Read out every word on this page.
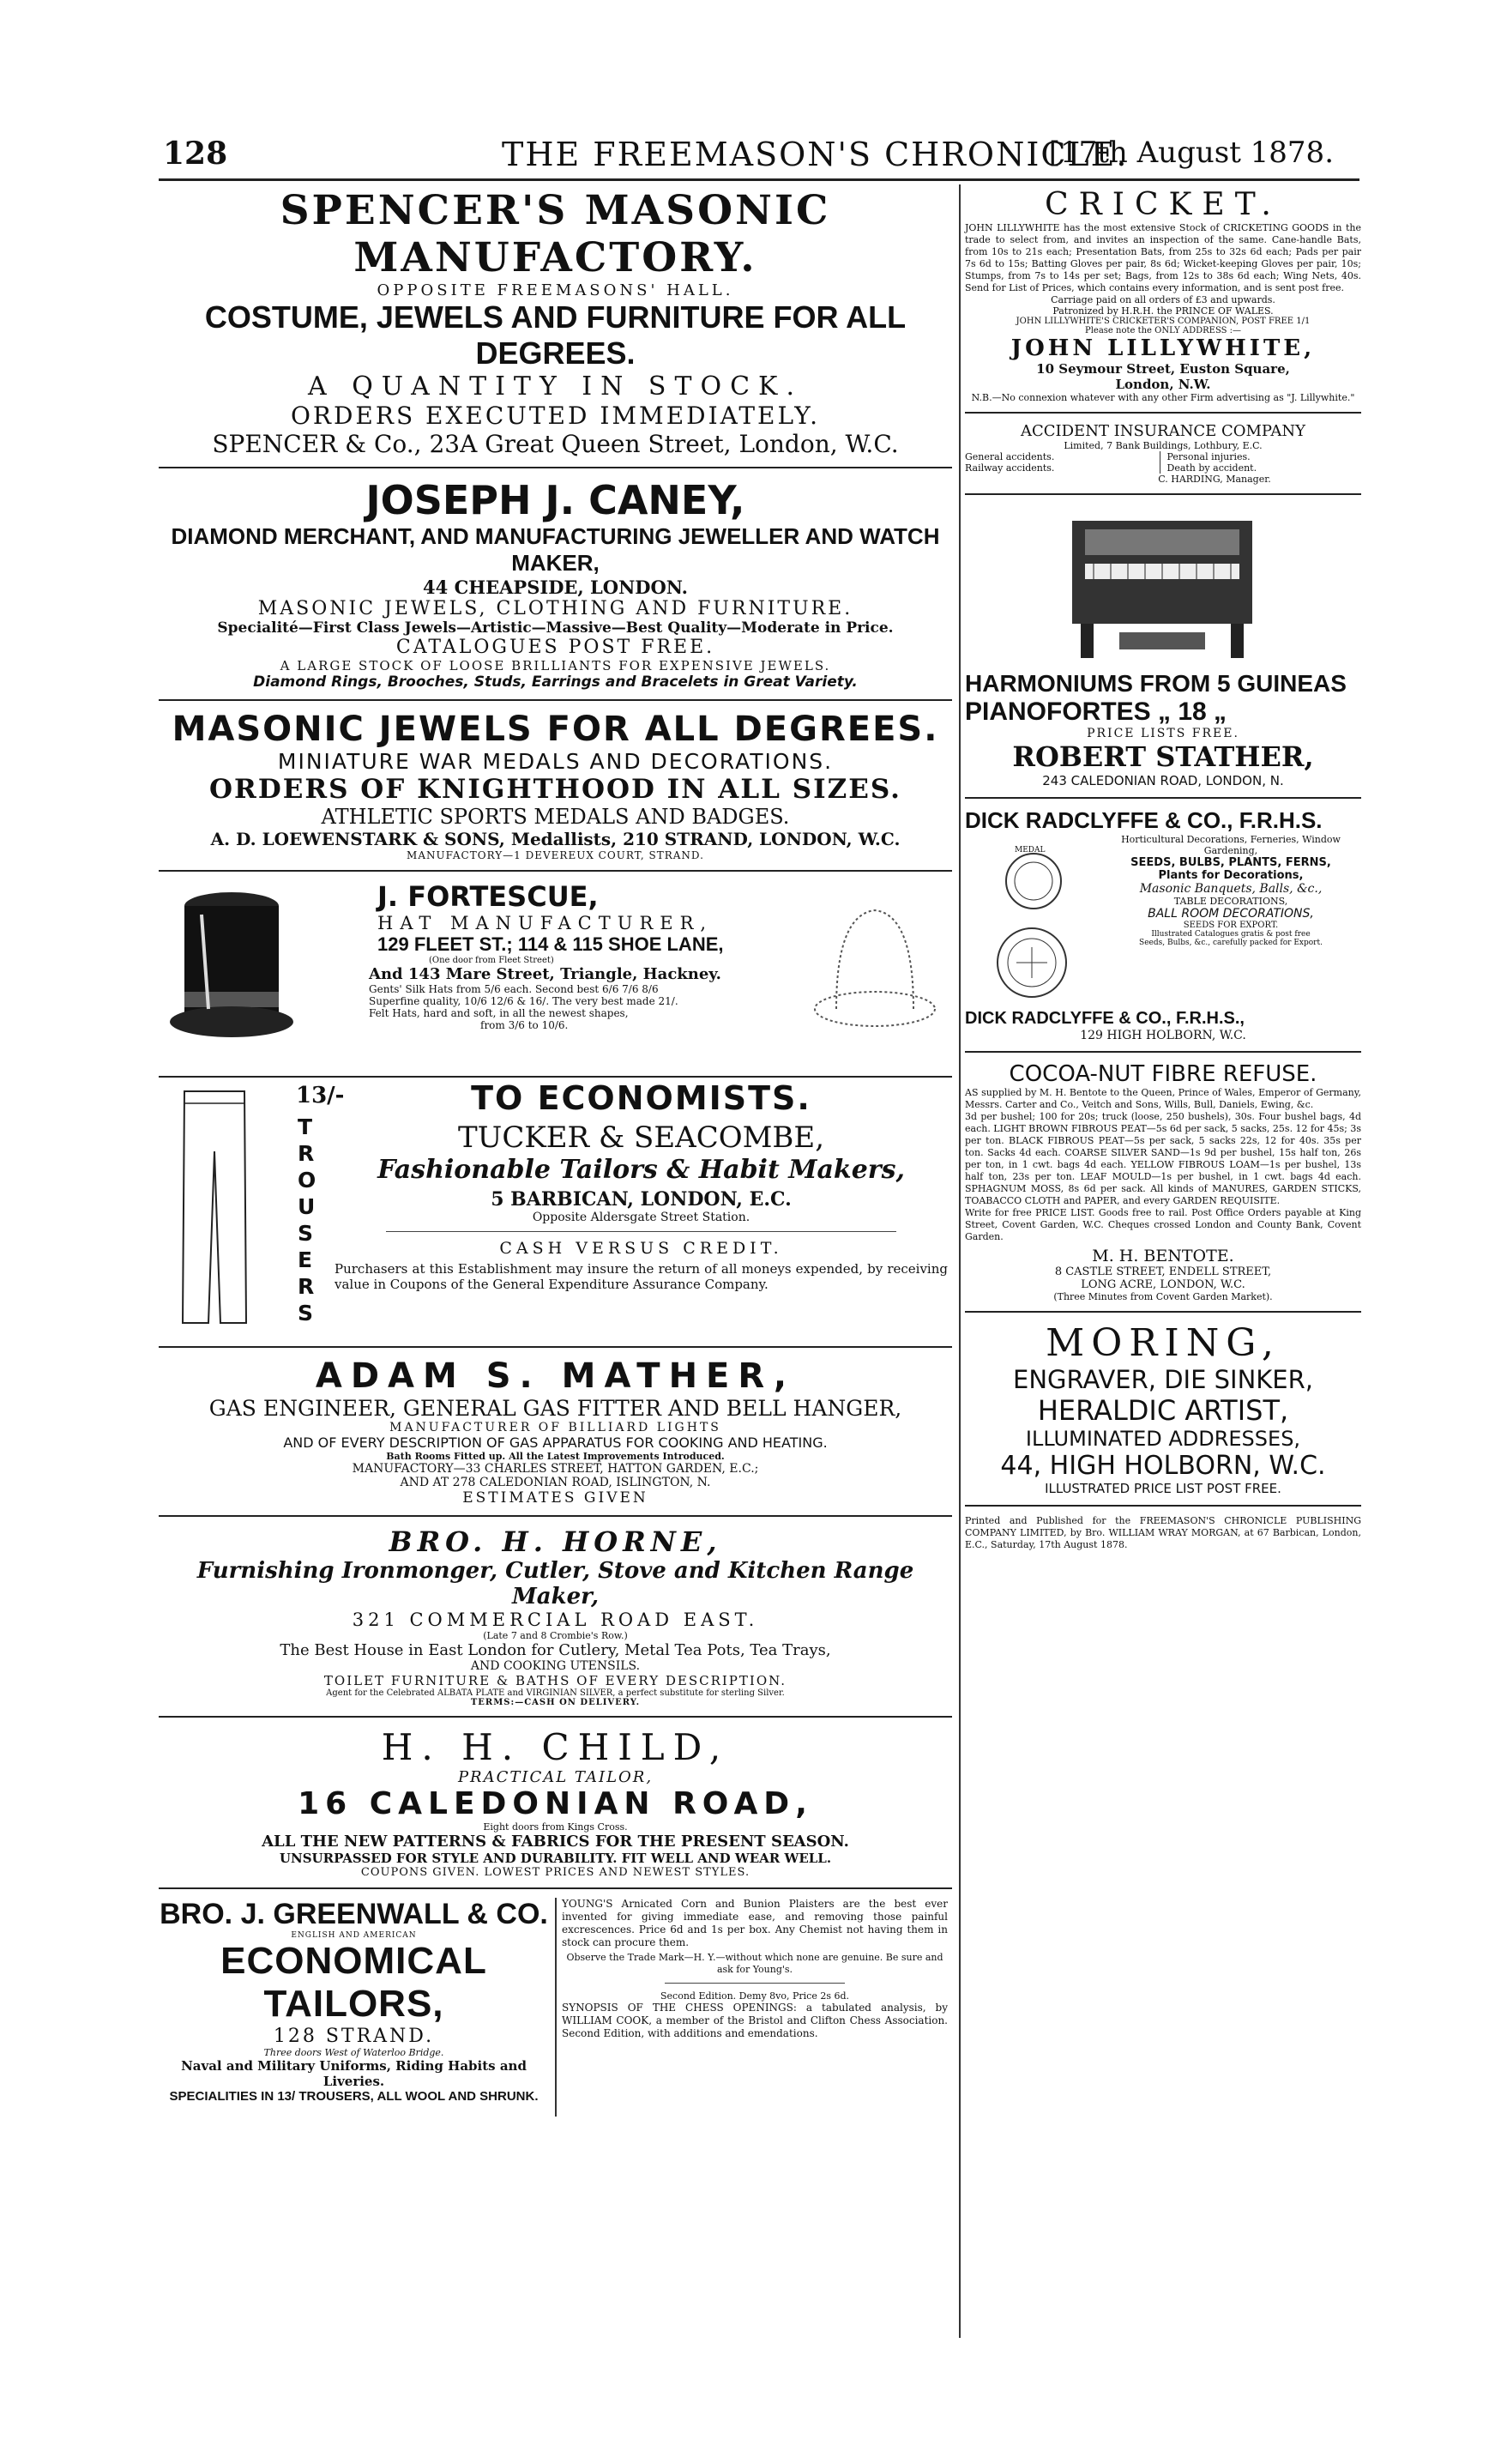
128	THE FREEMASON'S CHRONICLE.
[17th August 1878.

SPENCER'S MASONIC MANUFACTORY.

OPPOSITE FREEMASONS' HALL.

COSTUME, JEWELS AND FURNITURE FOR ALL DEGREES.

A QUANTITY IN STOCK.

ORDERS EXECUTED IMMEDIATELY.

SPENCER & Co., 23A Great Queen Street, London, W.C.

JOSEPH J. CANEY,

DIAMOND MERCHANT, AND MANUFACTURING JEWELLER AND WATCH MAKER,

44 CHEAPSIDE, LONDON.

MASONIC JEWELS, CLOTHING AND FURNITURE.

Specialité—First Class Jewels—Artistic—Massive—Best Quality—Moderate in Price.

CATALOGUES POST FREE.

A LARGE STOCK OF LOOSE BRILLIANTS FOR EXPENSIVE JEWELS.

Diamond Rings, Brooches, Studs, Earrings and Bracelets in Great Variety.

MASONIC JEWELS FOR ALL DEGREES.

MINIATURE WAR MEDALS AND DECORATIONS.

ORDERS OF KNIGHTHOOD IN ALL SIZES.

ATHLETIC SPORTS MEDALS AND BADGES.

A. D. LOEWENSTARK & SONS, Medallists, 210 STRAND, LONDON, W.C.

MANUFACTORY—1 DEVEREUX COURT, STRAND.

J. FORTESCUE,

HAT MANUFACTURER,

129 FLEET ST.; 114 & 115 SHOE LANE,

(One door from Fleet Street)

And 143 Mare Street, Triangle, Hackney.

Gents' Silk Hats from 5/6 each. Second best 6/6 7/6 8/6

Superfine quality, 10/6 12/6 & 16/. The very best made 21/.

Felt Hats, hard and soft, in all the newest shapes,

from 3/6 to 10/6.

13/-

T

R

O

U

S

E

R

S

TO ECONOMISTS.

TUCKER & SEACOMBE,

Fashionable Tailors & Habit Makers,

5 BARBICAN, LONDON, E.C.

Opposite Aldersgate Street Station.

CASH VERSUS CREDIT.

Purchasers at this Establishment may insure the return of all moneys expended, by receiving value in Coupons of the General Expenditure Assurance Company.

ADAM S. MATHER,

GAS ENGINEER, GENERAL GAS FITTER AND BELL HANGER,

MANUFACTURER OF BILLIARD LIGHTS

AND OF EVERY DESCRIPTION OF GAS APPARATUS FOR COOKING AND HEATING.

Bath Rooms Fitted up. All the Latest Improvements Introduced.

MANUFACTORY—33 CHARLES STREET, HATTON GARDEN, E.C.;

AND AT 278 CALEDONIAN ROAD, ISLINGTON, N.

ESTIMATES GIVEN

BRO. H. HORNE,

Furnishing Ironmonger, Cutler, Stove and Kitchen Range Maker,

321 COMMERCIAL ROAD EAST.

(Late 7 and 8 Crombie's Row.)

The Best House in East London for Cutlery, Metal Tea Pots, Tea Trays,

AND COOKING UTENSILS.

TOILET FURNITURE & BATHS OF EVERY DESCRIPTION.

Agent for the Celebrated ALBATA PLATE and VIRGINIAN SILVER, a perfect substitute for sterling Silver.

TERMS:—CASH ON DELIVERY.

H. H. CHILD,

PRACTICAL TAILOR,

16 CALEDONIAN ROAD,

Eight doors from Kings Cross.

ALL THE NEW PATTERNS & FABRICS FOR THE PRESENT SEASON.

UNSURPASSED FOR STYLE AND DURABILITY. FIT WELL AND WEAR WELL.

COUPONS GIVEN. LOWEST PRICES AND NEWEST STYLES.

BRO. J. GREENWALL & CO.

ENGLISH AND AMERICAN

ECONOMICAL TAILORS,

128 STRAND.

Three doors West of Waterloo Bridge.

Naval and Military Uniforms, Riding Habits and Liveries.

SPECIALITIES IN 13/ TROUSERS, ALL WOOL AND SHRUNK.

YOUNG'S Arnicated Corn and Bunion Plaisters are the best ever invented for giving immediate ease, and removing those painful excrescences. Price 6d and 1s per box. Any Chemist not having them in stock can procure them.

Observe the Trade Mark—H. Y.—without which none are genuine. Be sure and ask for Young's.

Second Edition. Demy 8vo, Price 2s 6d.

SYNOPSIS OF THE CHESS OPENINGS: a tabulated analysis, by WILLIAM COOK, a member of the Bristol and Clifton Chess Association. Second Edition, with additions and emendations.

CRICKET.

JOHN LILLYWHITE has the most extensive Stock of CRICKETING GOODS in the trade to select from, and invites an inspection of the same. Cane-handle Bats, from 10s to 21s each; Presentation Bats, from 25s to 32s 6d each; Pads per pair 7s 6d to 15s; Batting Gloves per pair, 8s 6d; Wicket-keeping Gloves per pair, 10s; Stumps, from 7s to 14s per set; Bags, from 12s to 38s 6d each; Wing Nets, 40s. Send for List of Prices, which contains every information, and is sent post free.

Carriage paid on all orders of £3 and upwards.

Patronized by H.R.H. the PRINCE OF WALES.

JOHN LILLYWHITE'S CRICKETER'S COMPANION, POST FREE 1/1

Please note the ONLY ADDRESS :—

JOHN LILLYWHITE,

10 Seymour Street, Euston Square,

London, N.W.

N.B.—No connexion whatever with any other Firm advertising as "J. Lillywhite."

ACCIDENT INSURANCE COMPANY

Limited, 7 Bank Buildings, Lothbury, E.C.

General accidents.

Railway accidents.

Personal injuries.

Death by accident.

C. HARDING, Manager.

HARMONIUMS FROM 5 GUINEAS

PIANOFORTES „ 18 „

PRICE LISTS FREE.

ROBERT STATHER,

243 CALEDONIAN ROAD, LONDON, N.

DICK RADCLYFFE & CO., F.R.H.S.

MEDAL

Horticultural Decorations, Ferneries, Window Gardening,

SEEDS, BULBS, PLANTS, FERNS,

Plants for Decorations,

Masonic Banquets, Balls, &c.,

TABLE DECORATIONS,

BALL ROOM DECORATIONS,

SEEDS FOR EXPORT.

Illustrated Catalogues gratis & post free

Seeds, Bulbs, &c., carefully packed for Export.

DICK RADCLYFFE & CO., F.R.H.S.,

129 HIGH HOLBORN, W.C.

COCOA-NUT FIBRE REFUSE.

AS supplied by M. H. Bentote to the Queen, Prince of Wales, Emperor of Germany, Messrs. Carter and Co., Veitch and Sons, Wills, Bull, Daniels, Ewing, &c.

3d per bushel; 100 for 20s; truck (loose, 250 bushels), 30s. Four bushel bags, 4d each. LIGHT BROWN FIBROUS PEAT—5s 6d per sack, 5 sacks, 25s. 12 for 45s; 3s per ton. BLACK FIBROUS PEAT—5s per sack, 5 sacks 22s, 12 for 40s. 35s per ton. Sacks 4d each. COARSE SILVER SAND—1s 9d per bushel, 15s half ton, 26s per ton, in 1 cwt. bags 4d each. YELLOW FIBROUS LOAM—1s per bushel, 13s half ton, 23s per ton. LEAF MOULD—1s per bushel, in 1 cwt. bags 4d each. SPHAGNUM MOSS, 8s 6d per sack. All kinds of MANURES, GARDEN STICKS, TOABACCO CLOTH and PAPER, and every GARDEN REQUISITE.

Write for free PRICE LIST. Goods free to rail. Post Office Orders payable at King Street, Covent Garden, W.C. Cheques crossed London and County Bank, Covent Garden.

M. H. BENTOTE.

8 CASTLE STREET, ENDELL STREET,

LONG ACRE, LONDON, W.C.

(Three Minutes from Covent Garden Market).

MORING,

ENGRAVER, DIE SINKER,

HERALDIC ARTIST,

ILLUMINATED ADDRESSES,

44, HIGH HOLBORN, W.C.

ILLUSTRATED PRICE LIST POST FREE.

Printed and Published for the FREEMASON'S CHRONICLE PUBLISHING COMPANY LIMITED, by Bro. WILLIAM WRAY MORGAN, at 67 Barbican, London, E.C., Saturday, 17th August 1878.
